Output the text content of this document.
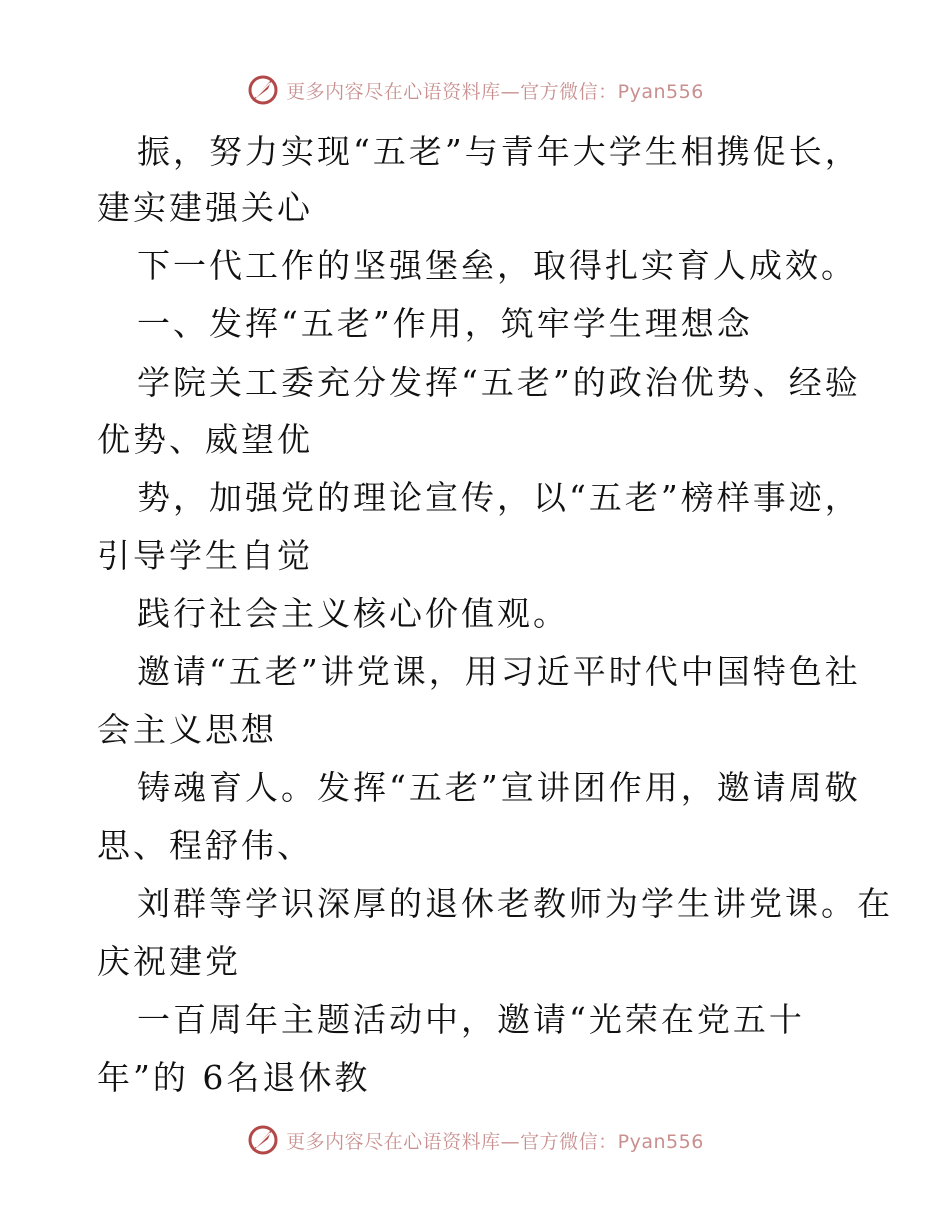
更多内容尽在心语资料库—官方微信：Pyan556
振，努力实现“五老”与青年大学生相携促长，
建实建强关心
下一代工作的坚强堡垒，取得扎实育人成效。
一、发挥“五老”作用，筑牢学生理想念
学院关工委充分发挥“五老”的政治优势、经验
优势、威望优
势，加强党的理论宣传，以“五老”榜样事迹，
引导学生自觉
践行社会主义核心价值观。
邀请“五老”讲党课，用习近平时代中国特色社
会主义思想
铸魂育人。发挥“五老”宣讲团作用，邀请周敬
思、程舒伟、
刘群等学识深厚的退休老教师为学生讲党课。在
庆祝建党
一百周年主题活动中，邀请“光荣在党五十
年”的 6名退休教
更多内容尽在心语资料库—官方微信：Pyan556
